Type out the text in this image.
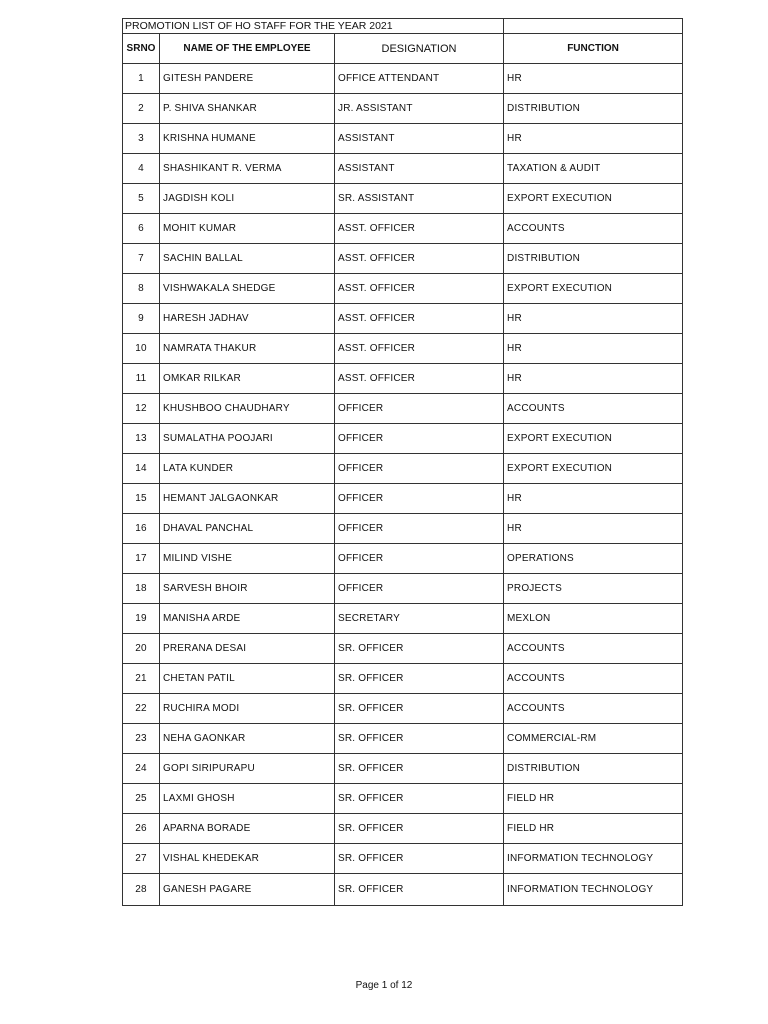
PROMOTION LIST OF HO STAFF FOR THE YEAR 2021			
SRNO	NAME OF THE EMPLOYEE	DESIGNATION	FUNCTION
1	GITESH PANDERE	OFFICE ATTENDANT	HR
2	P. SHIVA SHANKAR	JR. ASSISTANT	DISTRIBUTION
3	KRISHNA HUMANE	ASSISTANT	HR
4	SHASHIKANT R. VERMA	ASSISTANT	TAXATION & AUDIT
5	JAGDISH KOLI	SR. ASSISTANT	EXPORT EXECUTION
6	MOHIT KUMAR	ASST. OFFICER	ACCOUNTS
7	SACHIN BALLAL	ASST. OFFICER	DISTRIBUTION
8	VISHWAKALA SHEDGE	ASST. OFFICER	EXPORT EXECUTION
9	HARESH JADHAV	ASST. OFFICER	HR
10	NAMRATA THAKUR	ASST. OFFICER	HR
11	OMKAR RILKAR	ASST. OFFICER	HR
12	KHUSHBOO CHAUDHARY	OFFICER	ACCOUNTS
13	SUMALATHA POOJARI	OFFICER	EXPORT EXECUTION
14	LATA KUNDER	OFFICER	EXPORT EXECUTION
15	HEMANT JALGAONKAR	OFFICER	HR
16	DHAVAL PANCHAL	OFFICER	HR
17	MILIND VISHE	OFFICER	OPERATIONS
18	SARVESH BHOIR	OFFICER	PROJECTS
19	MANISHA ARDE	SECRETARY	MEXLON
20	PRERANA DESAI	SR. OFFICER	ACCOUNTS
21	CHETAN PATIL	SR. OFFICER	ACCOUNTS
22	RUCHIRA MODI	SR. OFFICER	ACCOUNTS
23	NEHA GAONKAR	SR. OFFICER	COMMERCIAL-RM
24	GOPI SIRIPURAPU	SR. OFFICER	DISTRIBUTION
25	LAXMI GHOSH	SR. OFFICER	FIELD HR
26	APARNA BORADE	SR. OFFICER	FIELD HR
27	VISHAL KHEDEKAR	SR. OFFICER	INFORMATION TECHNOLOGY
28	GANESH PAGARE	SR. OFFICER	INFORMATION TECHNOLOGY
Page 1 of 12
